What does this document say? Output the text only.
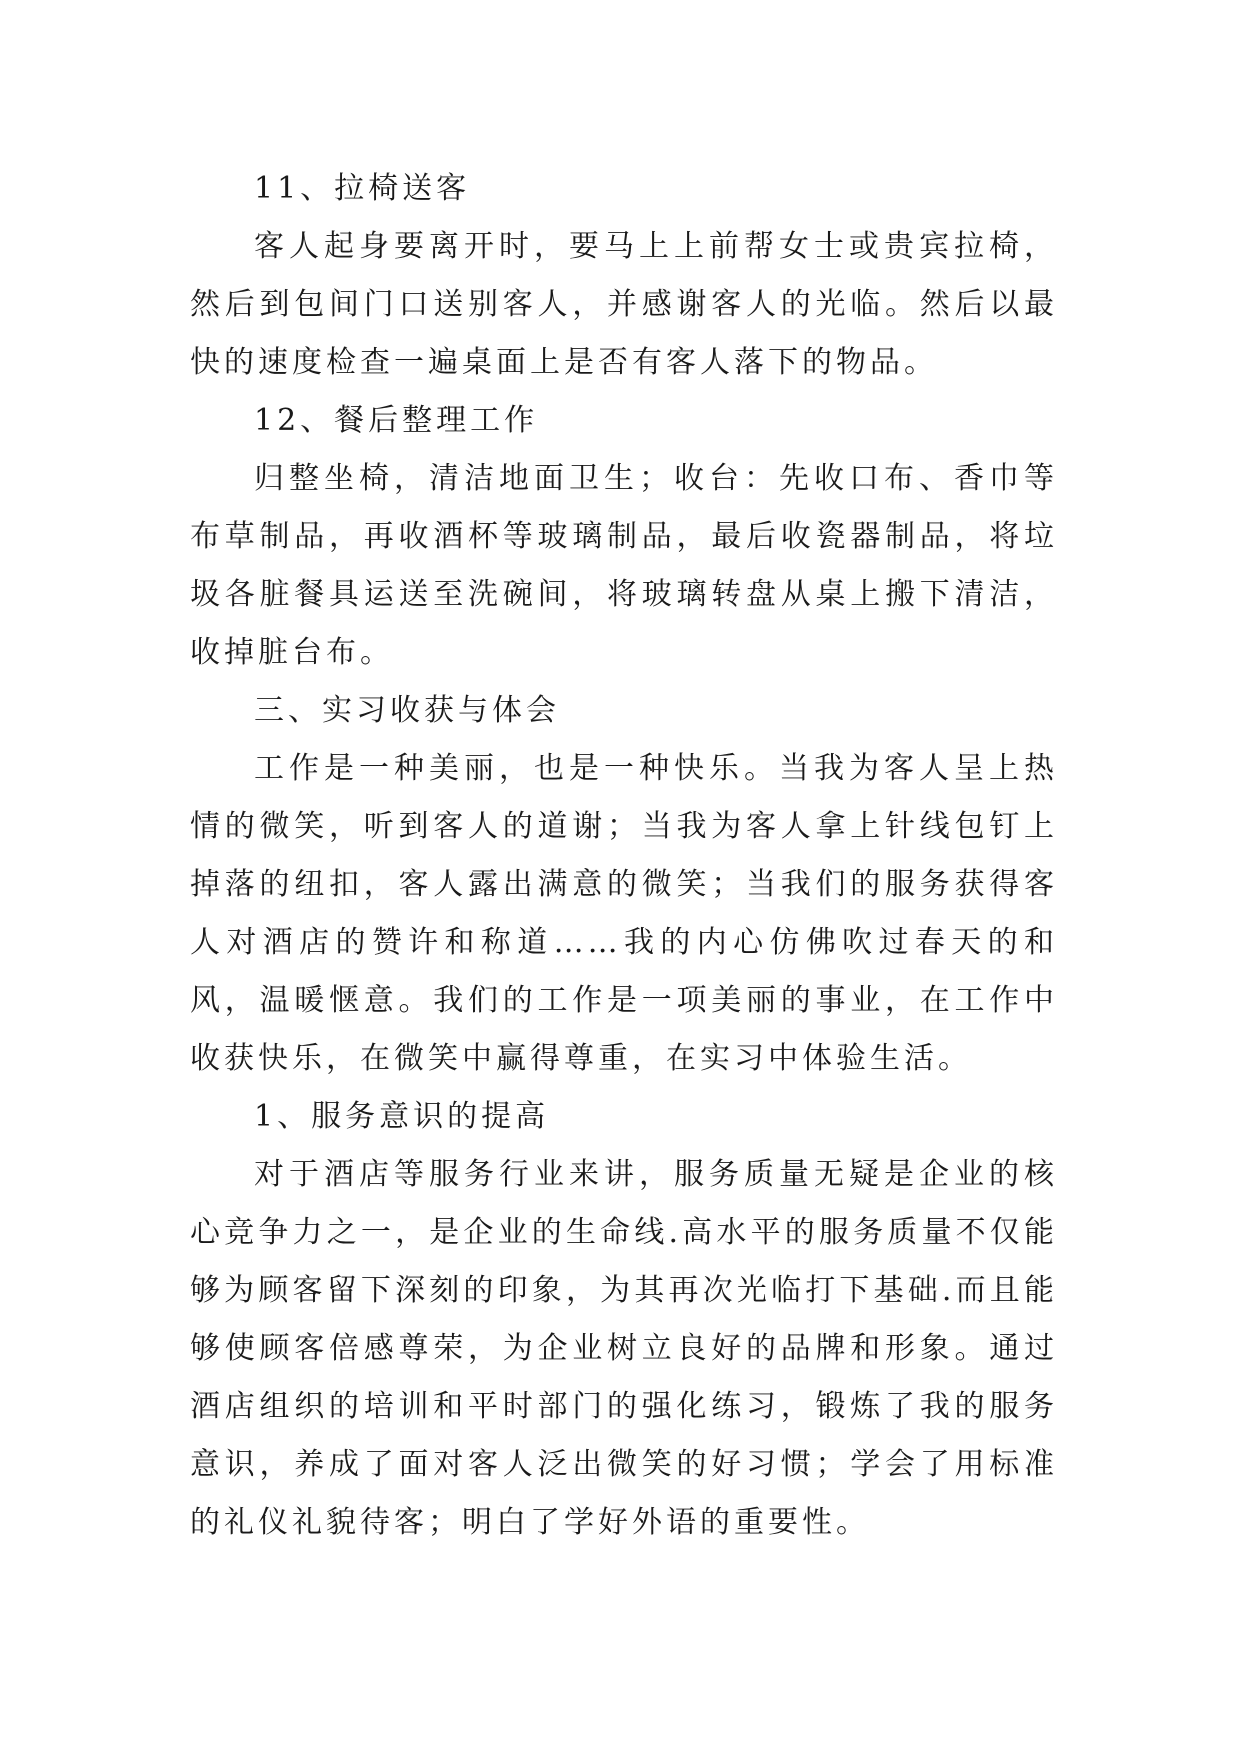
11、拉椅送客

客人起身要离开时，要马上上前帮女士或贵宾拉椅，然后到包间门口送别客人，并感谢客人的光临。然后以最快的速度检查一遍桌面上是否有客人落下的物品。

12、餐后整理工作

归整坐椅，清洁地面卫生；收台：先收口布、香巾等布草制品，再收酒杯等玻璃制品，最后收瓷器制品，将垃圾各脏餐具运送至洗碗间，将玻璃转盘从桌上搬下清洁，收掉脏台布。

三、实习收获与体会

工作是一种美丽，也是一种快乐。当我为客人呈上热情的微笑，听到客人的道谢；当我为客人拿上针线包钉上掉落的纽扣，客人露出满意的微笑；当我们的服务获得客人对酒店的赞许和称道……我的内心仿佛吹过春天的和风，温暖惬意。我们的工作是一项美丽的事业，在工作中收获快乐，在微笑中赢得尊重，在实习中体验生活。

1、服务意识的提高

对于酒店等服务行业来讲，服务质量无疑是企业的核心竞争力之一，是企业的生命线.高水平的服务质量不仅能够为顾客留下深刻的印象，为其再次光临打下基础.而且能够使顾客倍感尊荣，为企业树立良好的品牌和形象。通过酒店组织的培训和平时部门的强化练习，锻炼了我的服务意识，养成了面对客人泛出微笑的好习惯；学会了用标准的礼仪礼貌待客；明白了学好外语的重要性。
